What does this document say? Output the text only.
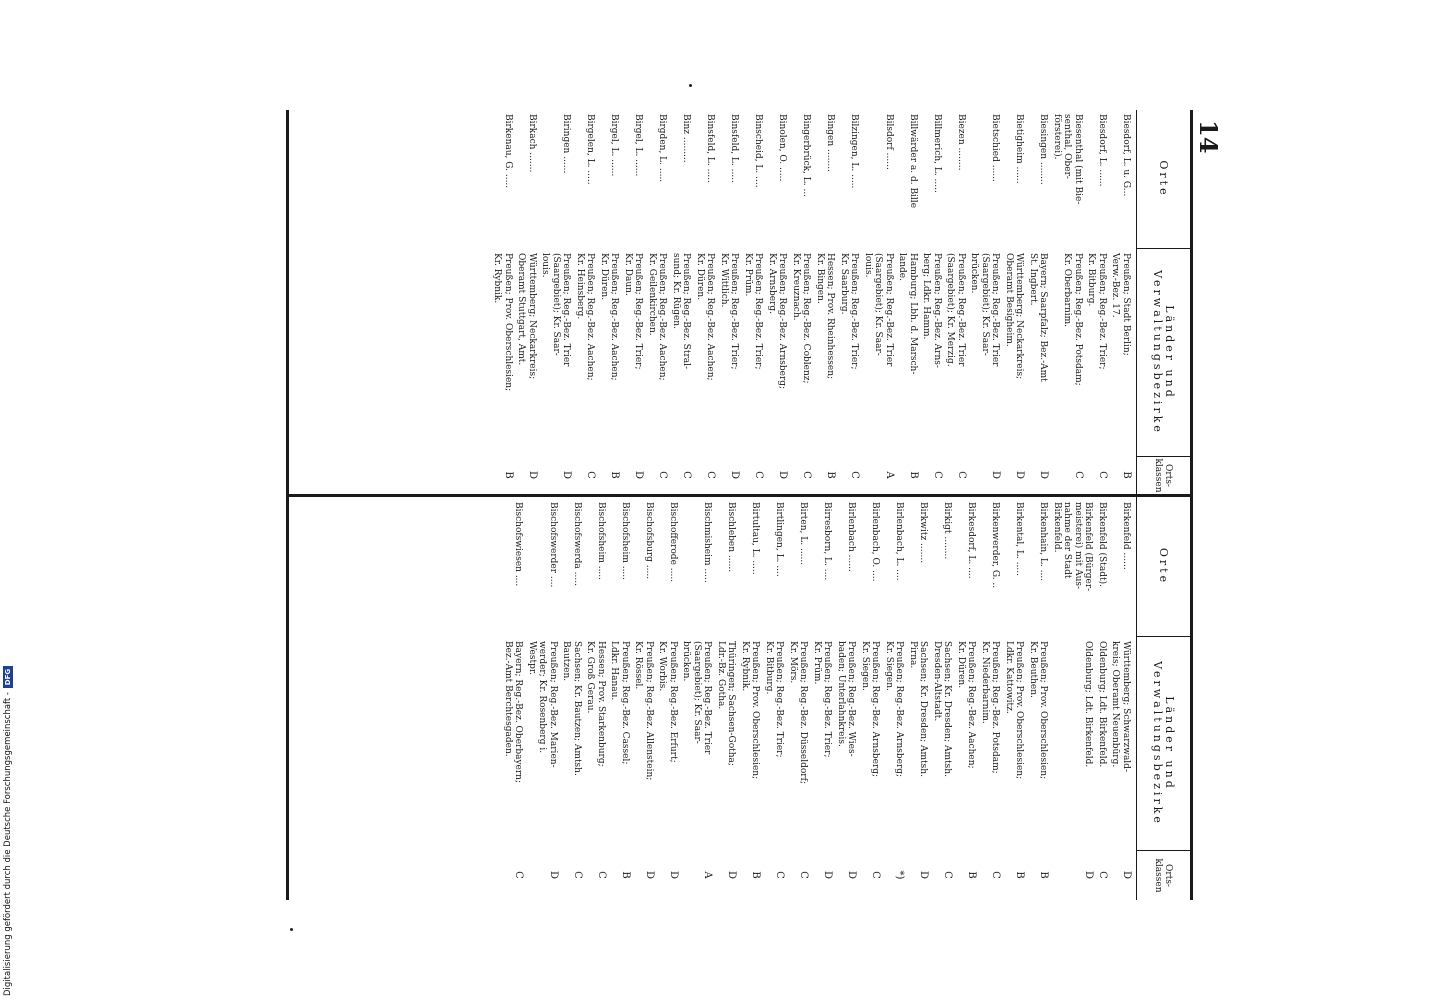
14
Orte
Länder und
Verwaltungsbezirke
Orts-
klassen
Orte
Länder und
Verwaltungsbezirke
Orts-
klassen
Biesdorf, L. u. G...
Preußen; Stadt Berlin;
Verw.-Bez. 17.
B
Biesdorf, L. ......
Preußen; Reg.-Bez. Trier;
Kr. Bitburg.
C
Biesenthal (mit Bie-
senthal, Ober-
försterei).
Preußen; Reg.-Bez. Potsdam;
Kr. Oberbarnim.
C
Biesingen ........
Bayern; Saarpfalz; Bez.-Amt
St. Ingbert.
D
Bietigheim ......
Württemberg; Neckarkreis;
Oberamt Besigheim.
D
Bietschied ......
Preußen; Reg.-Bez. Trier
(Saargebiet); Kr. Saar-
brücken.
D
Biezen ........
Preußen; Reg.-Bez. Trier
(Saargebiet); Kr. Merzig.
C
Billmerich, L. .....
Preußen; Reg.-Bez. Arns-
berg; Ldkr. Hamm.
C
Billwärder a. d. Bille
Hamburg; Lbh. d. Marsch-
lande.
B
Bilsdorf ......
Preußen; Reg.-Bez. Trier
(Saargebiet); Kr. Saar-
louis.
A
Bilzingen, L. .....
Preußen; Reg.-Bez. Trier;
Kr. Saarburg.
C
Bingen ........
Hessen; Prov. Rheinhessen;
Kr. Bingen.
B
Bingerbrück, L. ...
Preußen; Reg.-Bez. Coblenz;
Kr. Kreuznach.
C
Binolen, O. .....
Preußen; Reg.-Bez. Arnsberg;
Kr. Arnsberg.
D
Binscheid, L. ....
Preußen; Reg.-Bez. Trier;
Kr. Prüm.
C
Binsfeld, L. .....
Preußen; Reg.-Bez. Trier;
Kr. Wittlich.
D
Binsfeld, L. .....
Preußen; Reg.-Bez. Aachen;
Kr. Düren.
C
Binz .........
Preußen; Reg.-Bez. Stral-
sund; Kr. Rügen.
C
Birgden, L. .....
Preußen; Reg.-Bez. Aachen;
Kr. Geilenkirchen.
C
Birgel, L. ......
Preußen; Reg.-Bez. Trier;
Kr. Daun.
D
Birgel, L. ......
Preußen; Reg.-Bez. Aachen;
Kr. Düren.
B
Birgelen, L. .....
Preußen; Reg.-Bez. Aachen;
Kr. Heinsberg.
C
Biringen ......
Preußen; Reg.-Bez. Trier
(Saargebiet); Kr. Saar-
louis.
D
Birkach .......
Württemberg; Neckarkreis;
Oberamt Stuttgart, Amt.
D
Birkenau, G. .....
Preußen; Prov. Oberschlesien;
Kr. Rybnik.
B
Birkenfeld ......
Württemberg; Schwarzwald-
kreis; Oberamt Neuenbürg.
D
Birkenfeld (Stadt).
Oldenburg; Ldt. Birkenfeld.
C
Birkenfeld (Bürger-
meisterei) mit Aus-
nahme der Stadt
Birkenfeld.
Oldenburg; Ldt. Birkenfeld.
D
Birkenhain, L. ....
Preußen; Prov. Oberschlesien;
Kr. Beuthen.
B
Birkental, L. .....
Preußen; Prov. Oberschlesien;
Ldkr. Kattowitz.
B
Birkenwerder, G. ..
Preußen; Reg.-Bez. Potsdam;
Kr. Niederbarnim.
C
Birkesdorf, L. ....
Preußen; Reg.-Bez. Aachen;
Kr. Düren.
B
Birkigt ........
Sachsen; Kr. Dresden; Amtsh.
Dresden-Altstadt.
C
Birkwitz .......
Sachsen; Kr. Dresden; Amtsh.
Pirna.
D
Birlenbach, L. ....
Preußen; Reg.-Bez. Arnsberg;
Kr. Siegen.
*)
Birlenbach, O. ....
Preußen; Reg.-Bez. Arnsberg;
Kr. Siegen.
C
Birlenbach ......
Preußen; Reg.-Bez. Wies-
baden; Unterlahnkreis.
D
Birresborn, L. ....
Preußen; Reg.-Bez. Trier;
Kr. Prüm.
D
Birten, L. ......
Preußen; Reg.-Bez. Düsseldorf;
Kr. Mörs.
C
Birtlingen, L. ....
Preußen; Reg.-Bez. Trier;
Kr. Bitburg.
C
Birtultau, L. .....
Preußen; Prov. Oberschlesien;
Kr. Rybnik.
B
Bischleben ......
Thüringen; Sachsen-Gotha;
Ldr.-Bz. Gotha.
D
Bischmisheim .....
Preußen; Reg.-Bez. Trier
(Saargebiet); Kr. Saar-
brücken.
A
Bischofferode .....
Preußen; Reg.-Bez. Erfurt;
Kr. Worbis.
D
Bischofsburg .....
Preußen; Reg.-Bez. Allenstein;
Kr. Rössel.
D
Bischofsheim .....
Preußen; Reg.-Bez. Cassel;
Ldkr. Hanau.
B
Bischofsheim .....
Hessen; Prov. Starkenburg;
Kr. Groß Gerau.
C
Bischofswerda .....
Sachsen; Kr. Bautzen; Amtsh.
Bautzen.
C
Bischofswerder ....
Preußen; Reg.-Bez. Marien-
werder; Kr. Rosenberg i.
Westpr.
D
Bischofswiesen ....
Bayern; Reg.-Bez. Oberbayern;
Bez.-Amt Berchtesgaden.
C
Digitalisierung gefördert durch die Deutsche Forschungsgemeinschaft -
DFG
